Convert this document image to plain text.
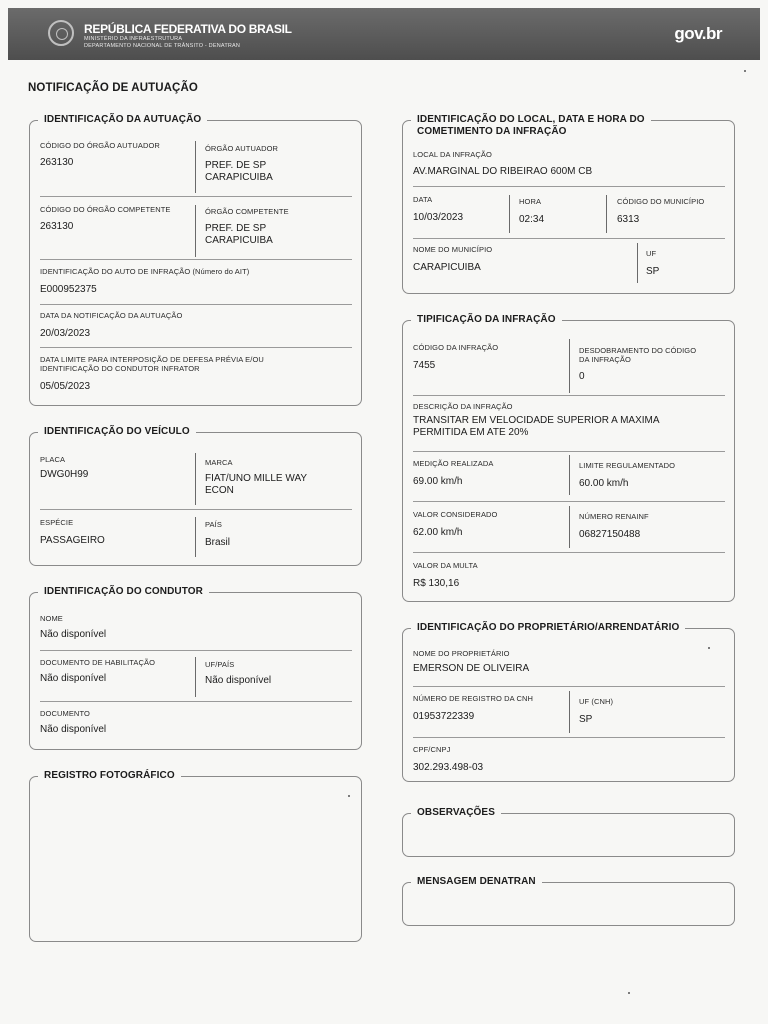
REPÚBLICA FEDERATIVA DO BRASIL
MINISTÉRIO DA INFRAESTRUTURA
DEPARTAMENTO NACIONAL DE TRÂNSITO - DENATRAN
gov.br
NOTIFICAÇÃO DE AUTUAÇÃO
IDENTIFICAÇÃO DA AUTUAÇÃO
CÓDIGO DO ÓRGÃO AUTUADOR
263130
ÓRGÃO AUTUADOR
PREF. DE SP
CARAPICUIBA
CÓDIGO DO ÓRGÃO COMPETENTE
263130
ÓRGÃO COMPETENTE
PREF. DE SP
CARAPICUIBA
IDENTIFICAÇÃO DO AUTO DE INFRAÇÃO (Número do AIT)
E000952375
DATA DA NOTIFICAÇÃO DA AUTUAÇÃO
20/03/2023
DATA LIMITE PARA INTERPOSIÇÃO DE DEFESA PRÉVIA E/OU
IDENTIFICAÇÃO DO CONDUTOR INFRATOR
05/05/2023
IDENTIFICAÇÃO DO LOCAL, DATA E HORA DO
COMETIMENTO DA INFRAÇÃO
LOCAL DA INFRAÇÃO
AV.MARGINAL DO RIBEIRAO 600M CB
DATA
10/03/2023
HORA
02:34
CÓDIGO DO MUNICÍPIO
6313
NOME DO MUNICÍPIO
CARAPICUIBA
UF
SP
TIPIFICAÇÃO DA INFRAÇÃO
CÓDIGO DA INFRAÇÃO
7455
DESDOBRAMENTO DO CÓDIGO
DA INFRAÇÃO
0
DESCRIÇÃO DA INFRAÇÃO
TRANSITAR EM VELOCIDADE SUPERIOR A MAXIMA
PERMITIDA EM ATE 20%
MEDIÇÃO REALIZADA
69.00 km/h
LIMITE REGULAMENTADO
60.00 km/h
VALOR CONSIDERADO
62.00 km/h
NÚMERO RENAINF
06827150488
VALOR DA MULTA
R$ 130,16
IDENTIFICAÇÃO DO VEÍCULO
PLACA
DWG0H99
MARCA
FIAT/UNO MILLE WAY
ECON
ESPÉCIE
PASSAGEIRO
PAÍS
Brasil
IDENTIFICAÇÃO DO CONDUTOR
NOME
Não disponível
DOCUMENTO DE HABILITAÇÃO
Não disponível
UF/PAÍS
Não disponível
DOCUMENTO
Não disponível
IDENTIFICAÇÃO DO PROPRIETÁRIO/ARRENDATÁRIO
NOME DO PROPRIETÁRIO
EMERSON DE OLIVEIRA
NÚMERO DE REGISTRO DA CNH
01953722339
UF (CNH)
SP
CPF/CNPJ
302.293.498-03
REGISTRO FOTOGRÁFICO
OBSERVAÇÕES
MENSAGEM DENATRAN
